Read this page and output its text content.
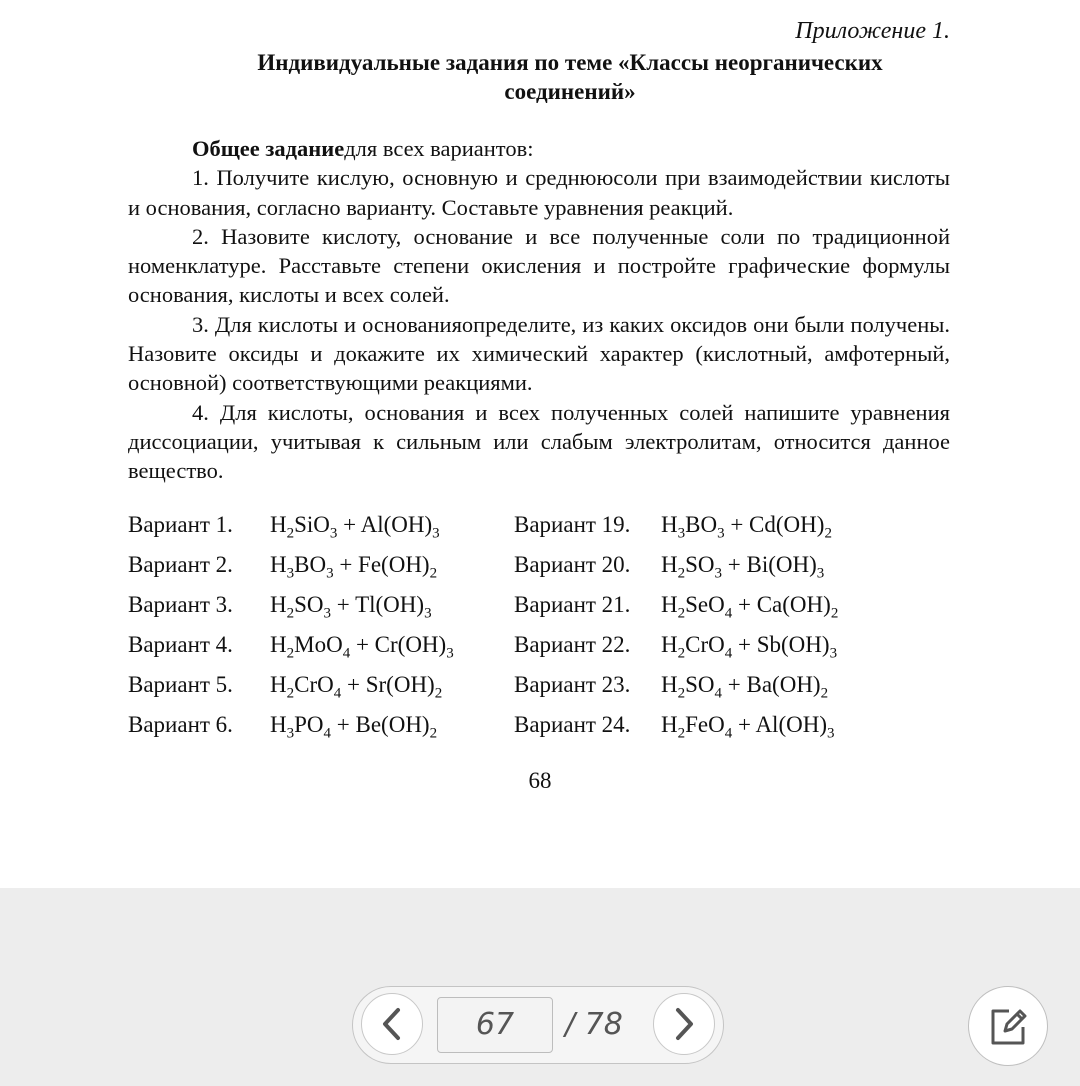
Приложение 1.
Индивидуальные задания по теме «Классы неорганических соединений»

Общее заданиедля всех вариантов:

1. Получите кислую, основную и среднююсоли при взаимодействии кислоты и основания, согласно варианту. Составьте уравнения реакций.

2. Назовите кислоту, основание и все полученные соли по традиционной номенклатуре. Расставьте степени окисления и постройте графические формулы основания, кислоты и всех солей.

3. Для кислоты и основанияопределите, из каких оксидов они были получены. Назовите оксиды и докажите их химический характер (кислотный, амфотерный, основной) соответствующими реакциями.

4. Для кислоты, основания и всех полученных солей напишите уравнения диссоциации, учитывая к сильным или слабым электролитам, относится данное вещество.

Вариант 1. $H_2SiO_3 + Al(OH)_3$	Вариант 19. $H_3BO_3 + Cd(OH)_2$
Вариант 2. $H_3BO_3 + Fe(OH)_2$	Вариант 20. $H_2SO_3 + Bi(OH)_3$
Вариант 3. $H_2SO_3 + Tl(OH)_3$	Вариант 21. $H_2SeO_4 + Ca(OH)_2$
Вариант 4. $H_2MoO_4 + Cr(OH)_3$	Вариант 22. $H_2CrO_4 + Sb(OH)_3$
Вариант 5. $H_2CrO_4 + Sr(OH)_2$	Вариант 23. $H_2SO_4 + Ba(OH)_2$
Вариант 6. $H_3PO_4 + Be(OH)_2$	Вариант 24. $H_2FeO_4 + Al(OH)_3$
68
67	/ 78
